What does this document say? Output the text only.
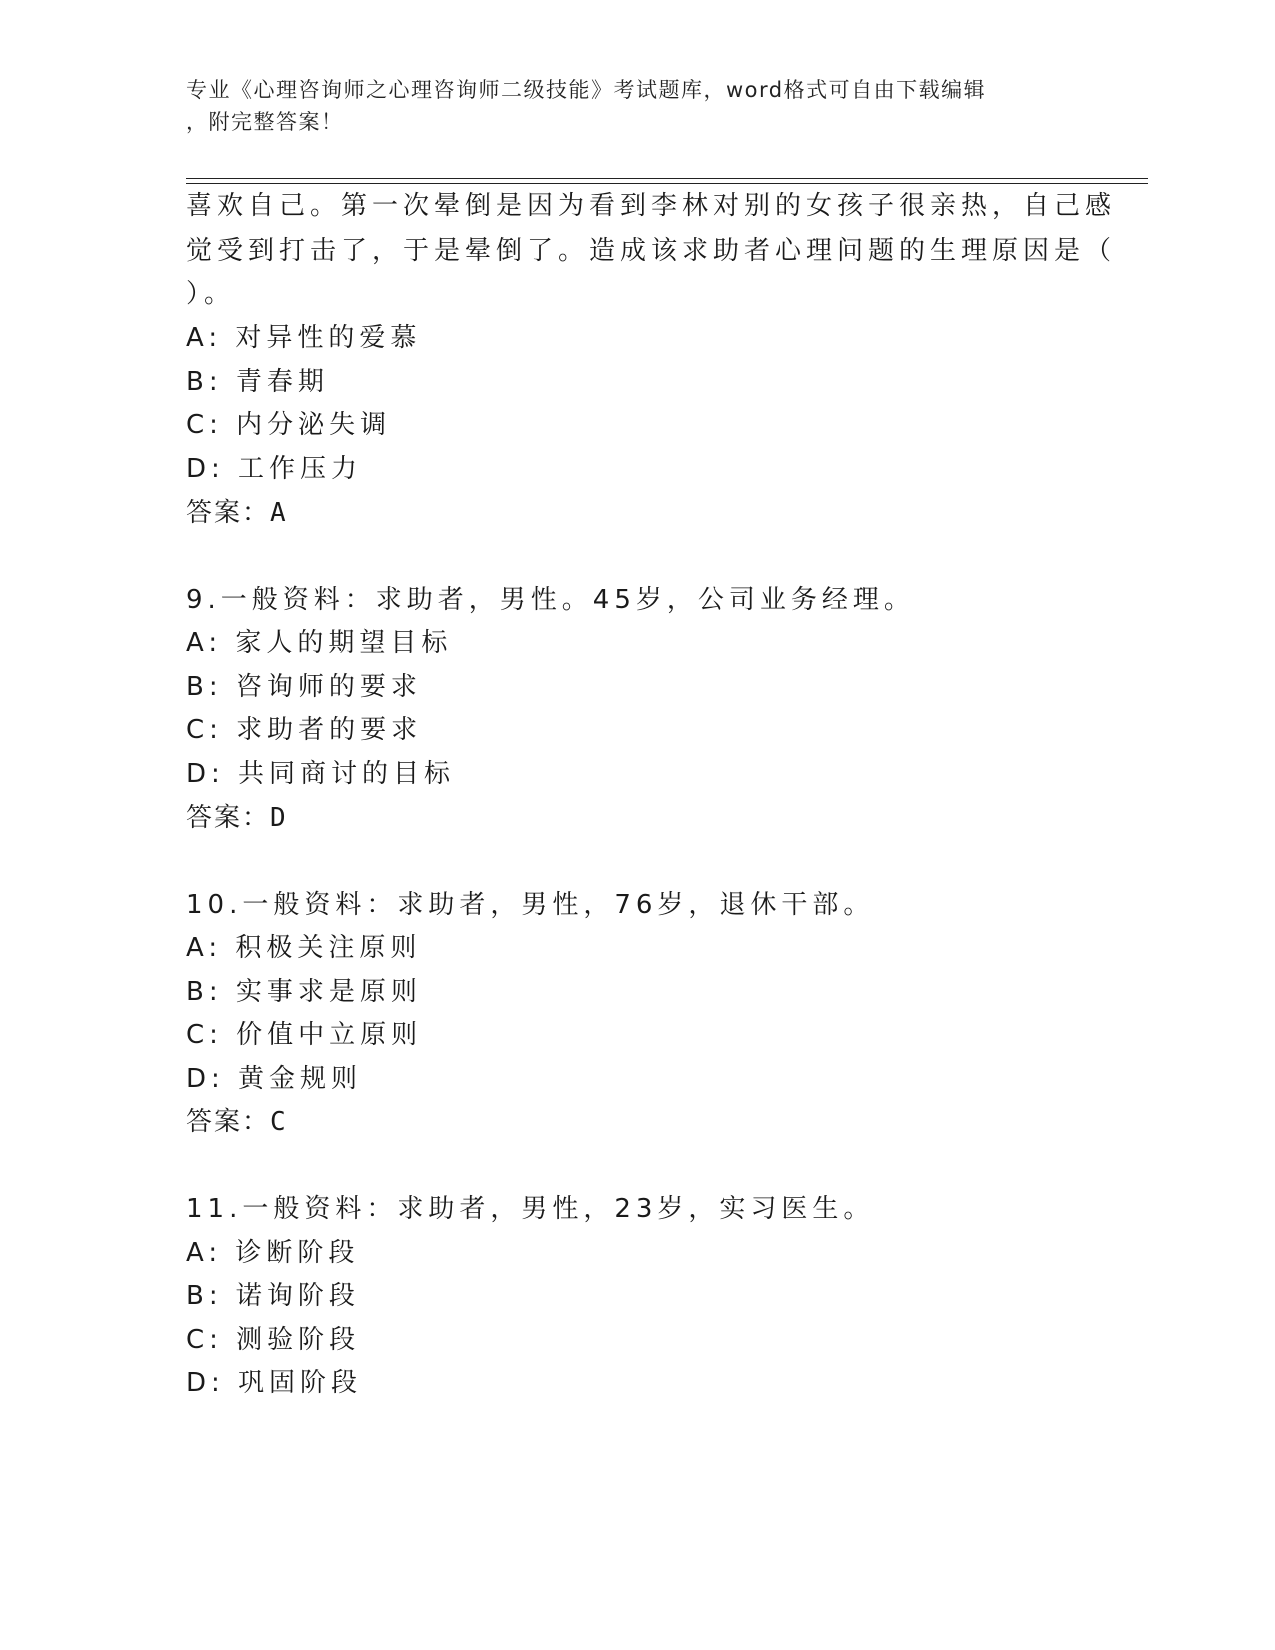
专业《心理咨询师之心理咨询师二级技能》考试题库，word格式可自由下载编辑
，附完整答案！
喜欢自己。第一次晕倒是因为看到李林对别的女孩子很亲热，自己感
觉受到打击了，于是晕倒了。造成该求助者心理问题的生理原因是（
）。
A: 对异性的爱慕
B: 青春期
C: 内分泌失调
D: 工作压力
答案：A
9.一般资料：求助者，男性。45岁，公司业务经理。
A: 家人的期望目标
B: 咨询师的要求
C: 求助者的要求
D: 共同商讨的目标
答案：D
10.一般资料：求助者，男性，76岁，退休干部。
A: 积极关注原则
B: 实事求是原则
C: 价值中立原则
D: 黄金规则
答案：C
11.一般资料：求助者，男性，23岁，实习医生。
A: 诊断阶段
B: 诺询阶段
C: 测验阶段
D: 巩固阶段
